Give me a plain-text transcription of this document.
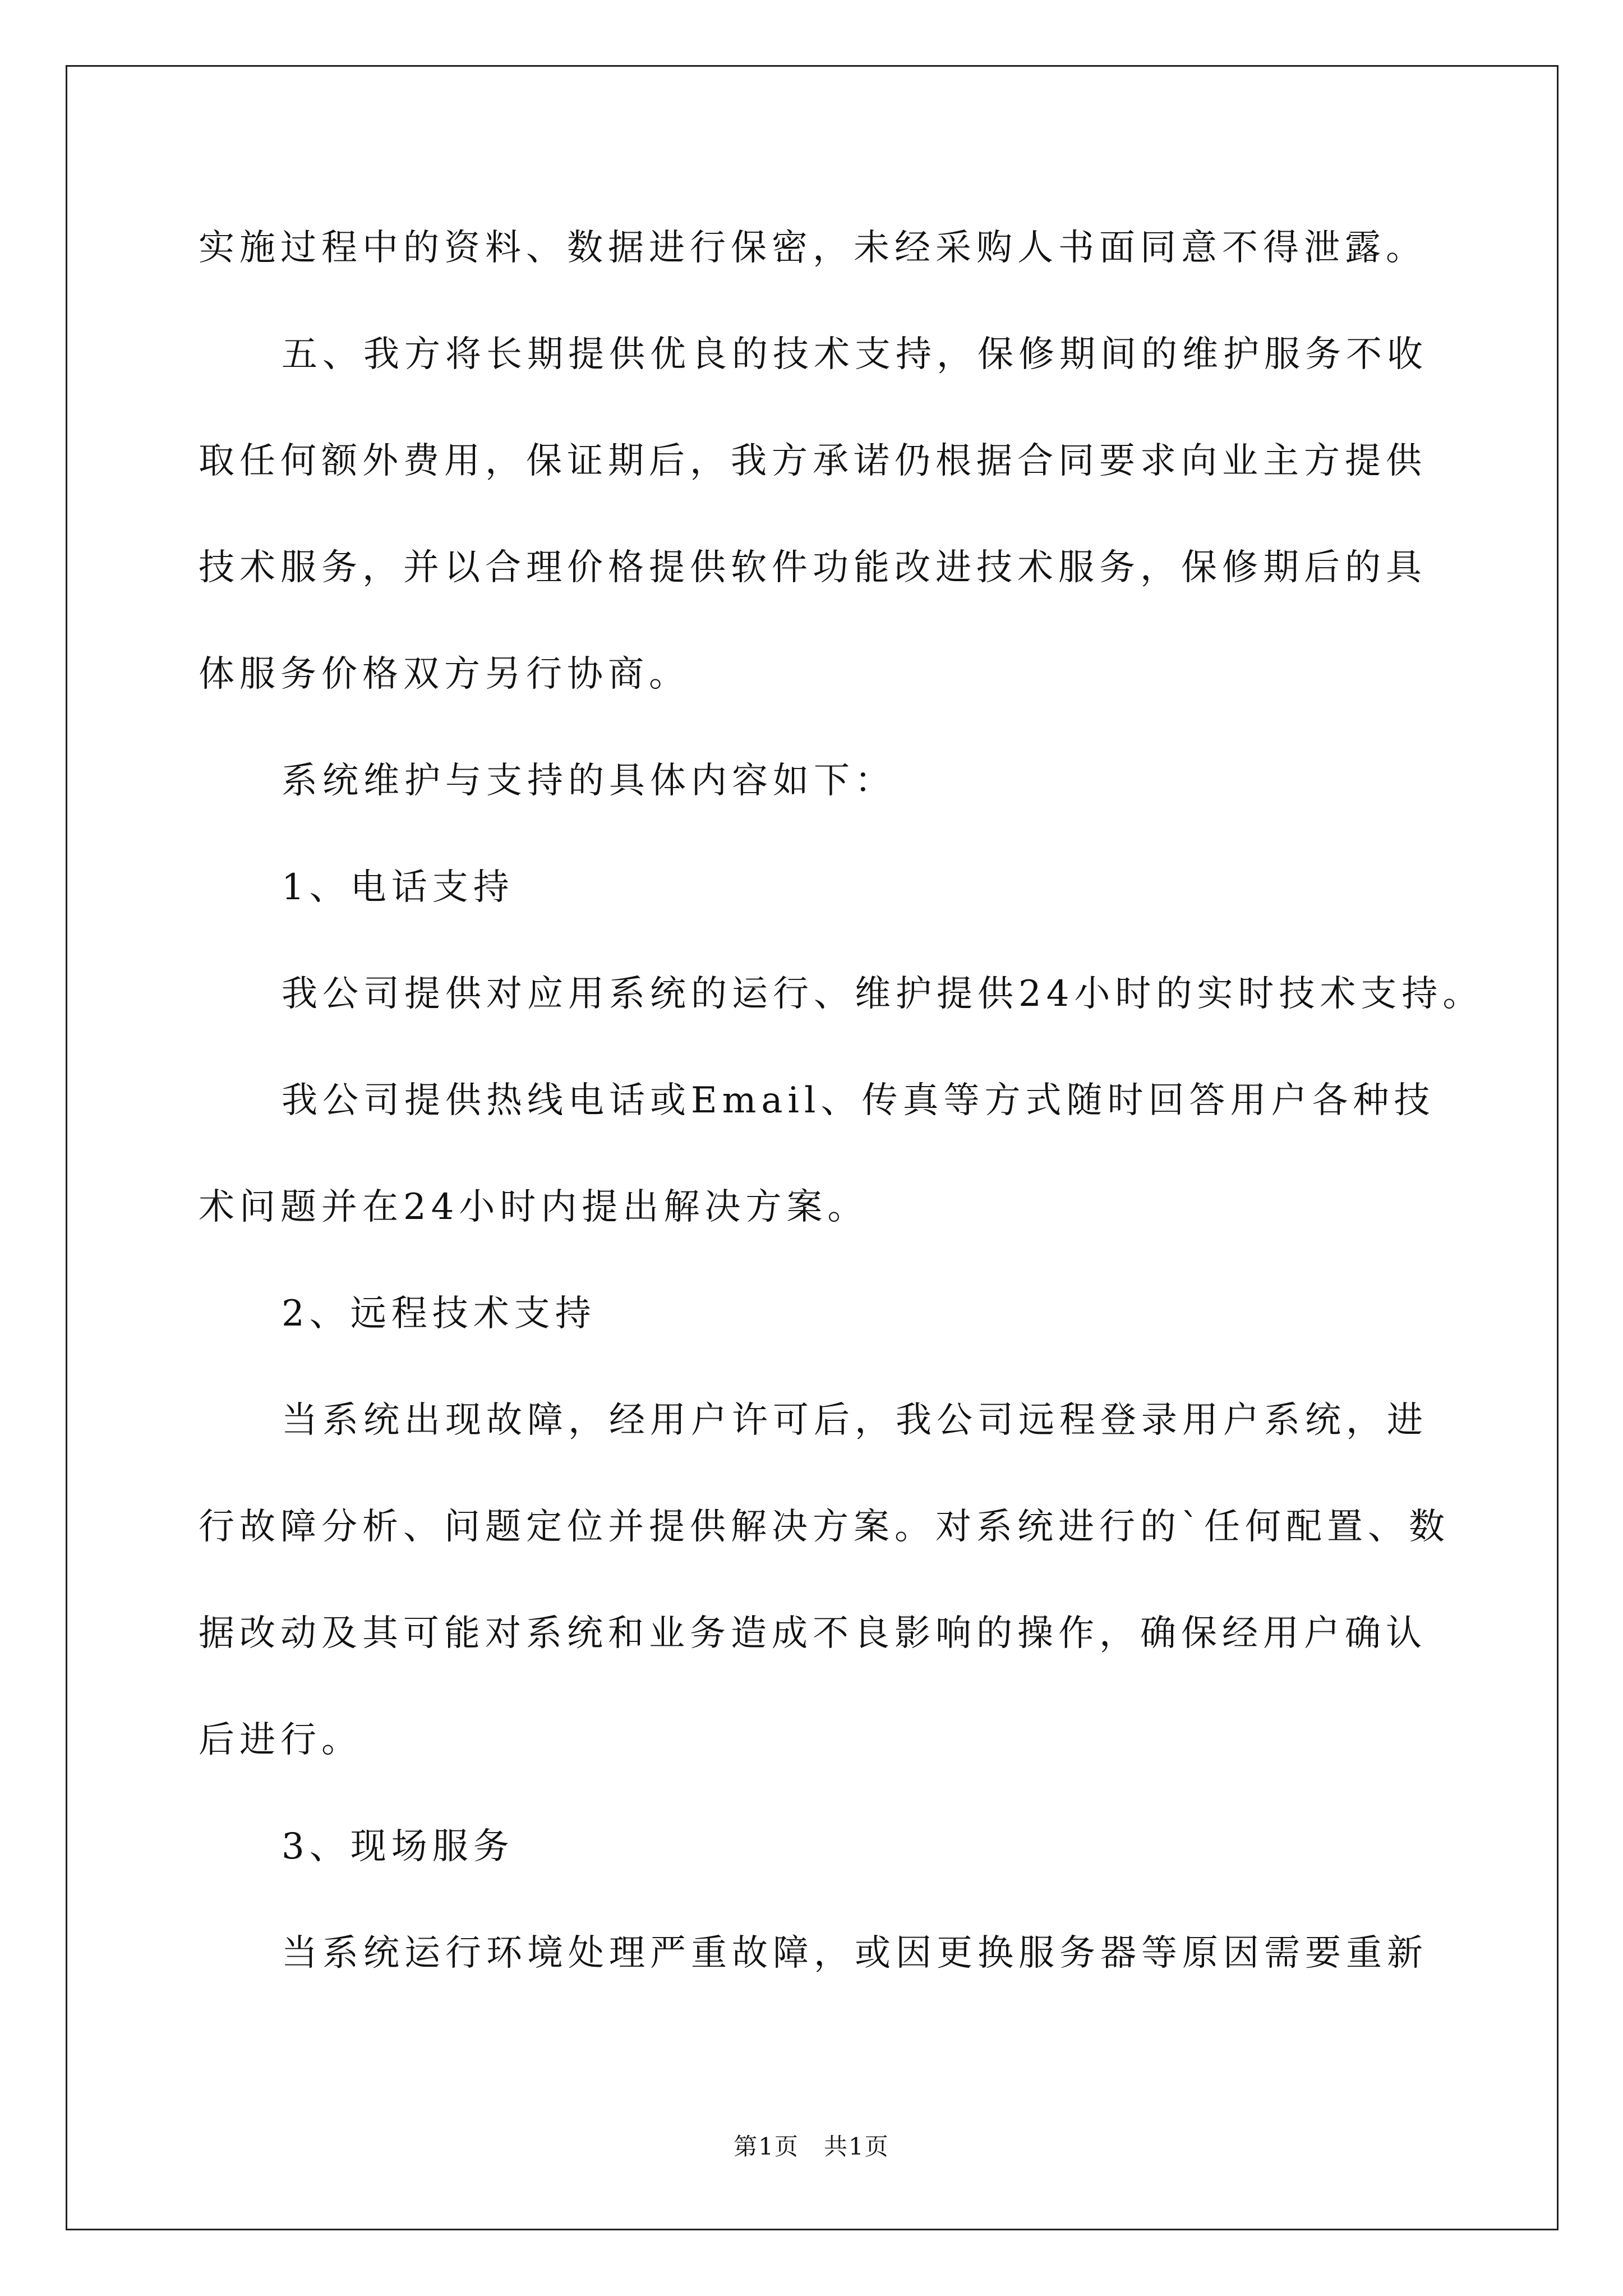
实施过程中的资料、数据进行保密，未经采购人书面同意不得泄露。
五、我方将长期提供优良的技术支持，保修期间的维护服务不收
取任何额外费用，保证期后，我方承诺仍根据合同要求向业主方提供
技术服务，并以合理价格提供软件功能改进技术服务，保修期后的具
体服务价格双方另行协商。
系统维护与支持的具体内容如下：
1、电话支持
我公司提供对应用系统的运行、维护提供24小时的实时技术支持。
我公司提供热线电话或Email、传真等方式随时回答用户各种技
术问题并在24小时内提出解决方案。
2、远程技术支持
当系统出现故障，经用户许可后，我公司远程登录用户系统，进
行故障分析、问题定位并提供解决方案。对系统进行的`任何配置、数
据改动及其可能对系统和业务造成不良影响的操作，确保经用户确认
后进行。
3、现场服务
当系统运行环境处理严重故障，或因更换服务器等原因需要重新
第1页　共1页
